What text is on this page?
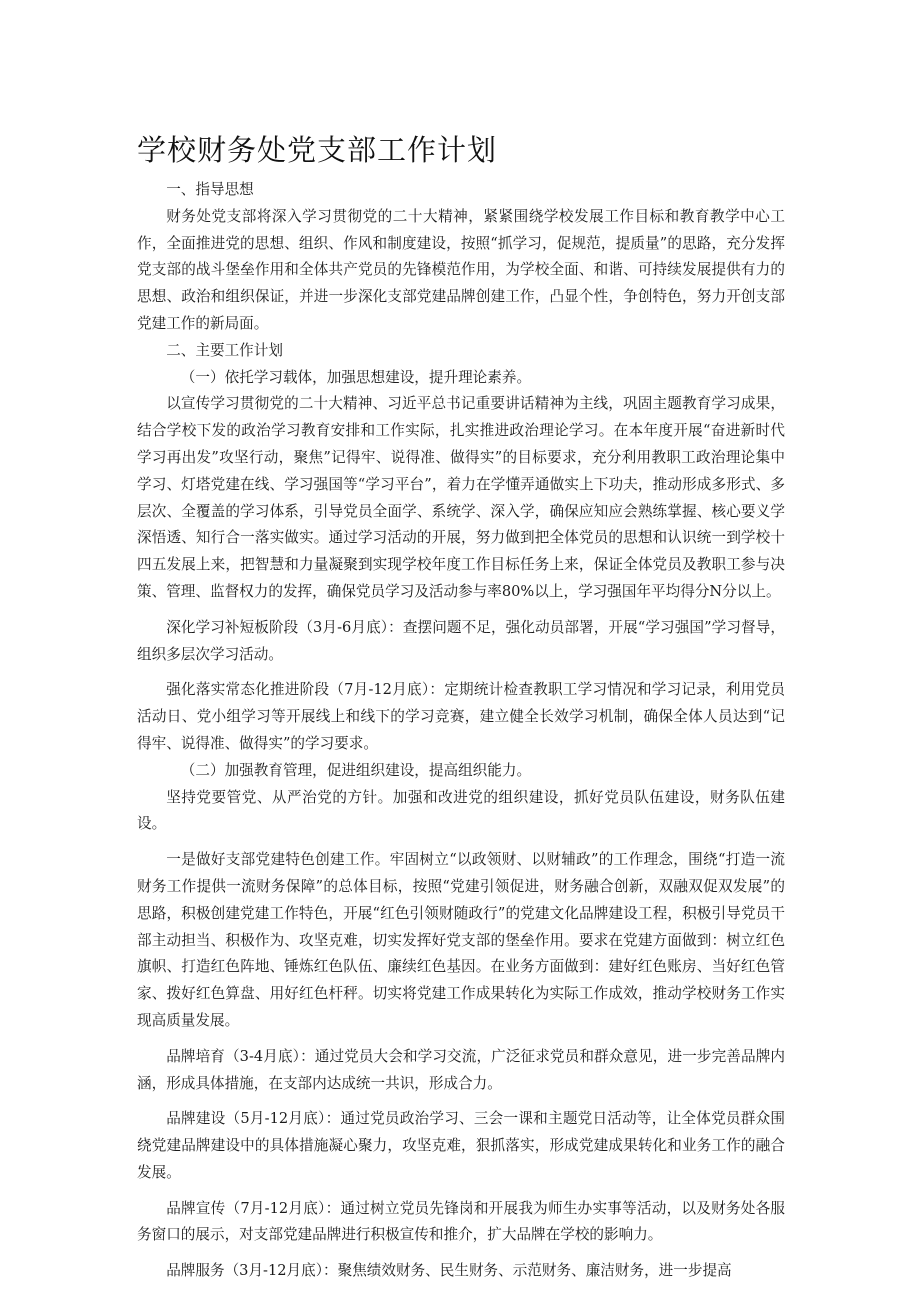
学校财务处党支部工作计划

一、指导思想

财务处党支部将深入学习贯彻党的二十大精神，紧紧围绕学校发展工作目标和教育教学中心工作，全面推进党的思想、组织、作风和制度建设，按照“抓学习，促规范，提质量”的思路，充分发挥党支部的战斗堡垒作用和全体共产党员的先锋模范作用，为学校全面、和谐、可持续发展提供有力的思想、政治和组织保证，并进一步深化支部党建品牌创建工作，凸显个性，争创特色，努力开创支部党建工作的新局面。

二、主要工作计划

（一）依托学习载体，加强思想建设，提升理论素养。

以宣传学习贯彻党的二十大精神、习近平总书记重要讲话精神为主线，巩固主题教育学习成果，结合学校下发的政治学习教育安排和工作实际，扎实推进政治理论学习。在本年度开展“奋进新时代学习再出发”攻坚行动，聚焦”记得牢、说得准、做得实”的目标要求，充分利用教职工政治理论集中学习、灯塔党建在线、学习强国等“学习平台”，着力在学懂弄通做实上下功夫，推动形成多形式、多层次、全覆盖的学习体系，引导党员全面学、系统学、深入学，确保应知应会熟练掌握、核心要义学深悟透、知行合一落实做实。通过学习活动的开展，努力做到把全体党员的思想和认识统一到学校十四五发展上来，把智慧和力量凝聚到实现学校年度工作目标任务上来，保证全体党员及教职工参与决策、管理、监督权力的发挥，确保党员学习及活动参与率80%以上，学习强国年平均得分N分以上。

深化学习补短板阶段（3月-6月底）：查摆问题不足，强化动员部署，开展“学习强国”学习督导，组织多层次学习活动。

强化落实常态化推进阶段（7月-12月底）：定期统计检查教职工学习情况和学习记录，利用党员活动日、党小组学习等开展线上和线下的学习竞赛，建立健全长效学习机制，确保全体人员达到“记得牢、说得准、做得实”的学习要求。

（二）加强教育管理，促进组织建设，提高组织能力。

坚持党要管党、从严治党的方针。加强和改进党的组织建设，抓好党员队伍建设，财务队伍建设。

一是做好支部党建特色创建工作。牢固树立“以政领财、以财辅政”的工作理念，围绕“打造一流财务工作提供一流财务保障”的总体目标，按照“党建引领促进，财务融合创新，双融双促双发展”的思路，积极创建党建工作特色，开展“红色引领财随政行”的党建文化品牌建设工程，积极引导党员干部主动担当、积极作为、攻坚克难，切实发挥好党支部的堡垒作用。要求在党建方面做到：树立红色旗帜、打造红色阵地、锤炼红色队伍、廉续红色基因。在业务方面做到：建好红色账房、当好红色管家、拨好红色算盘、用好红色杆秤。切实将党建工作成果转化为实际工作成效，推动学校财务工作实现高质量发展。

品牌培育（3-4月底）：通过党员大会和学习交流，广泛征求党员和群众意见，进一步完善品牌内涵，形成具体措施，在支部内达成统一共识，形成合力。

品牌建设（5月-12月底）：通过党员政治学习、三会一课和主题党日活动等，让全体党员群众围绕党建品牌建设中的具体措施凝心聚力，攻坚克难，狠抓落实，形成党建成果转化和业务工作的融合发展。

品牌宣传（7月-12月底）：通过树立党员先锋岗和开展我为师生办实事等活动，以及财务处各服务窗口的展示，对支部党建品牌进行积极宣传和推介，扩大品牌在学校的影响力。

品牌服务（3月-12月底）：聚焦绩效财务、民生财务、示范财务、廉洁财务，进一步提高
